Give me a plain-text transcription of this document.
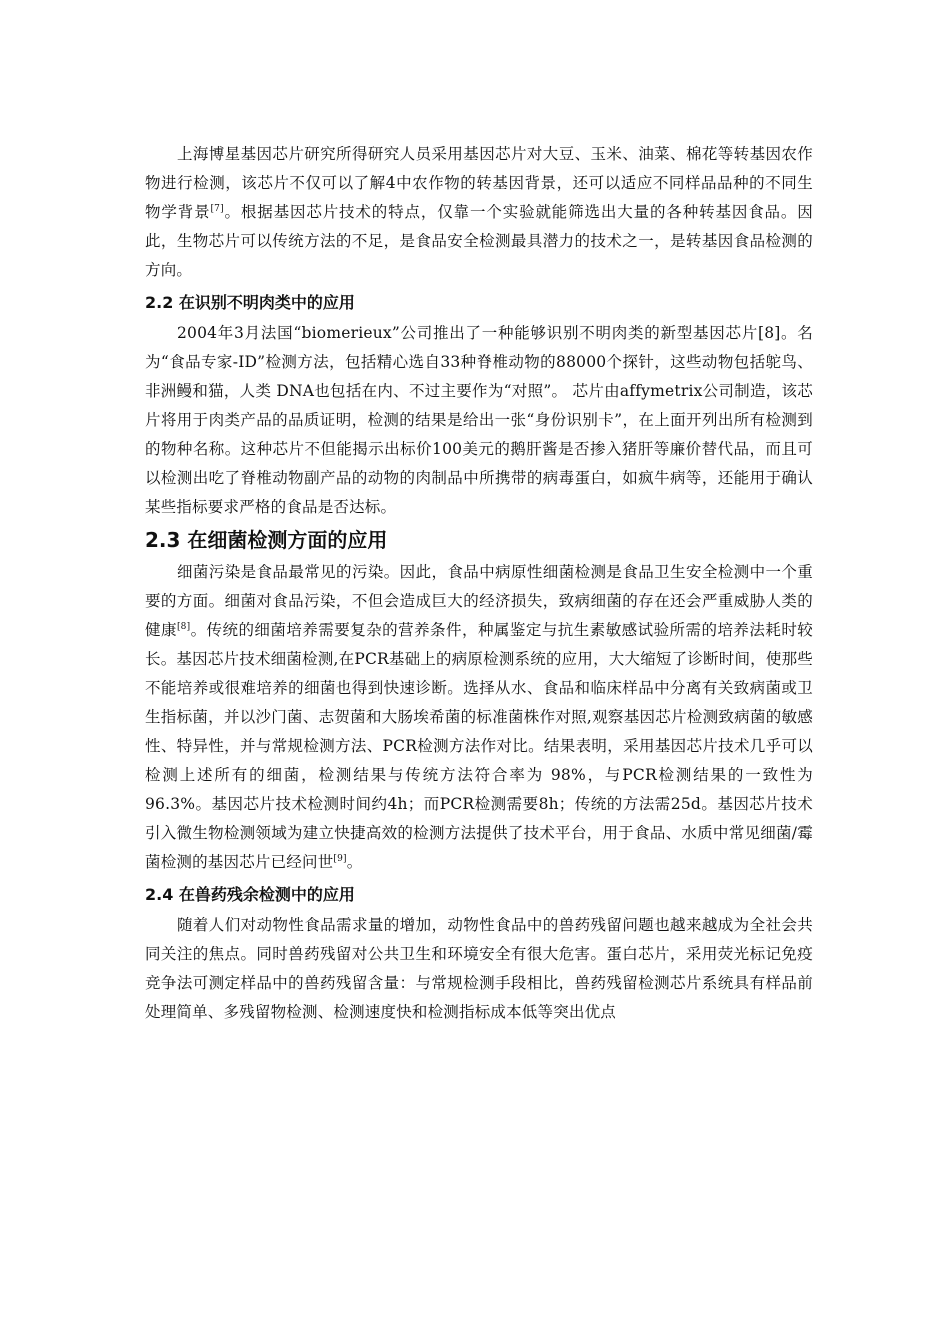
上海博星基因芯片研究所得研究人员采用基因芯片对大豆、玉米、油菜、棉花等转基因农作物进行检测，该芯片不仅可以了解4中农作物的转基因背景，还可以适应不同样品品种的不同生物学背景[7]。根据基因芯片技术的特点，仅靠一个实验就能筛选出大量的各种转基因食品。因此，生物芯片可以传统方法的不足，是食品安全检测最具潜力的技术之一，是转基因食品检测的方向。

2.2 在识别不明肉类中的应用

2004年3月法国“biomerieux”公司推出了一种能够识别不明肉类的新型基因芯片[8]。名为“食品专家-ID”检测方法，包括精心选自33种脊椎动物的88000个探针，这些动物包括鸵鸟、非洲鳗和猫，人类 DNA也包括在内、不过主要作为“对照”。 芯片由affymetrix公司制造，该芯片将用于肉类产品的品质证明，检测的结果是给出一张“身份识别卡”，在上面开列出所有检测到的物种名称。这种芯片不但能揭示出标价100美元的鹅肝酱是否掺入猪肝等廉价替代品，而且可以检测出吃了脊椎动物副产品的动物的肉制品中所携带的病毒蛋白，如疯牛病等，还能用于确认某些指标要求严格的食品是否达标。

2.3 在细菌检测方面的应用

细菌污染是食品最常见的污染。因此，食品中病原性细菌检测是食品卫生安全检测中一个重要的方面。细菌对食品污染，不但会造成巨大的经济损失，致病细菌的存在还会严重威胁人类的健康[8]。传统的细菌培养需要复杂的营养条件，种属鉴定与抗生素敏感试验所需的培养法耗时较长。基因芯片技术细菌检测,在PCR基础上的病原检测系统的应用，大大缩短了诊断时间，使那些不能培养或很难培养的细菌也得到快速诊断。选择从水、食品和临床样品中分离有关致病菌或卫生指标菌，并以沙门菌、志贺菌和大肠埃希菌的标准菌株作对照,观察基因芯片检测致病菌的敏感性、特异性，并与常规检测方法、PCR检测方法作对比。结果表明，采用基因芯片技术几乎可以检测上述所有的细菌，检测结果与传统方法符合率为 98%，与PCR检测结果的一致性为96.3%。基因芯片技术检测时间约4h；而PCR检测需要8h；传统的方法需25d。基因芯片技术引入微生物检测领域为建立快捷高效的检测方法提供了技术平台，用于食品、水质中常见细菌/霉菌检测的基因芯片已经问世[9]。

2.4 在兽药残余检测中的应用

随着人们对动物性食品需求量的增加，动物性食品中的兽药残留问题也越来越成为全社会共同关注的焦点。同时兽药残留对公共卫生和环境安全有很大危害。蛋白芯片，采用荧光标记免疫竞争法可测定样品中的兽药残留含量：与常规检测手段相比，兽药残留检测芯片系统具有样品前处理简单、多残留物检测、检测速度快和检测指标成本低等突出优点
